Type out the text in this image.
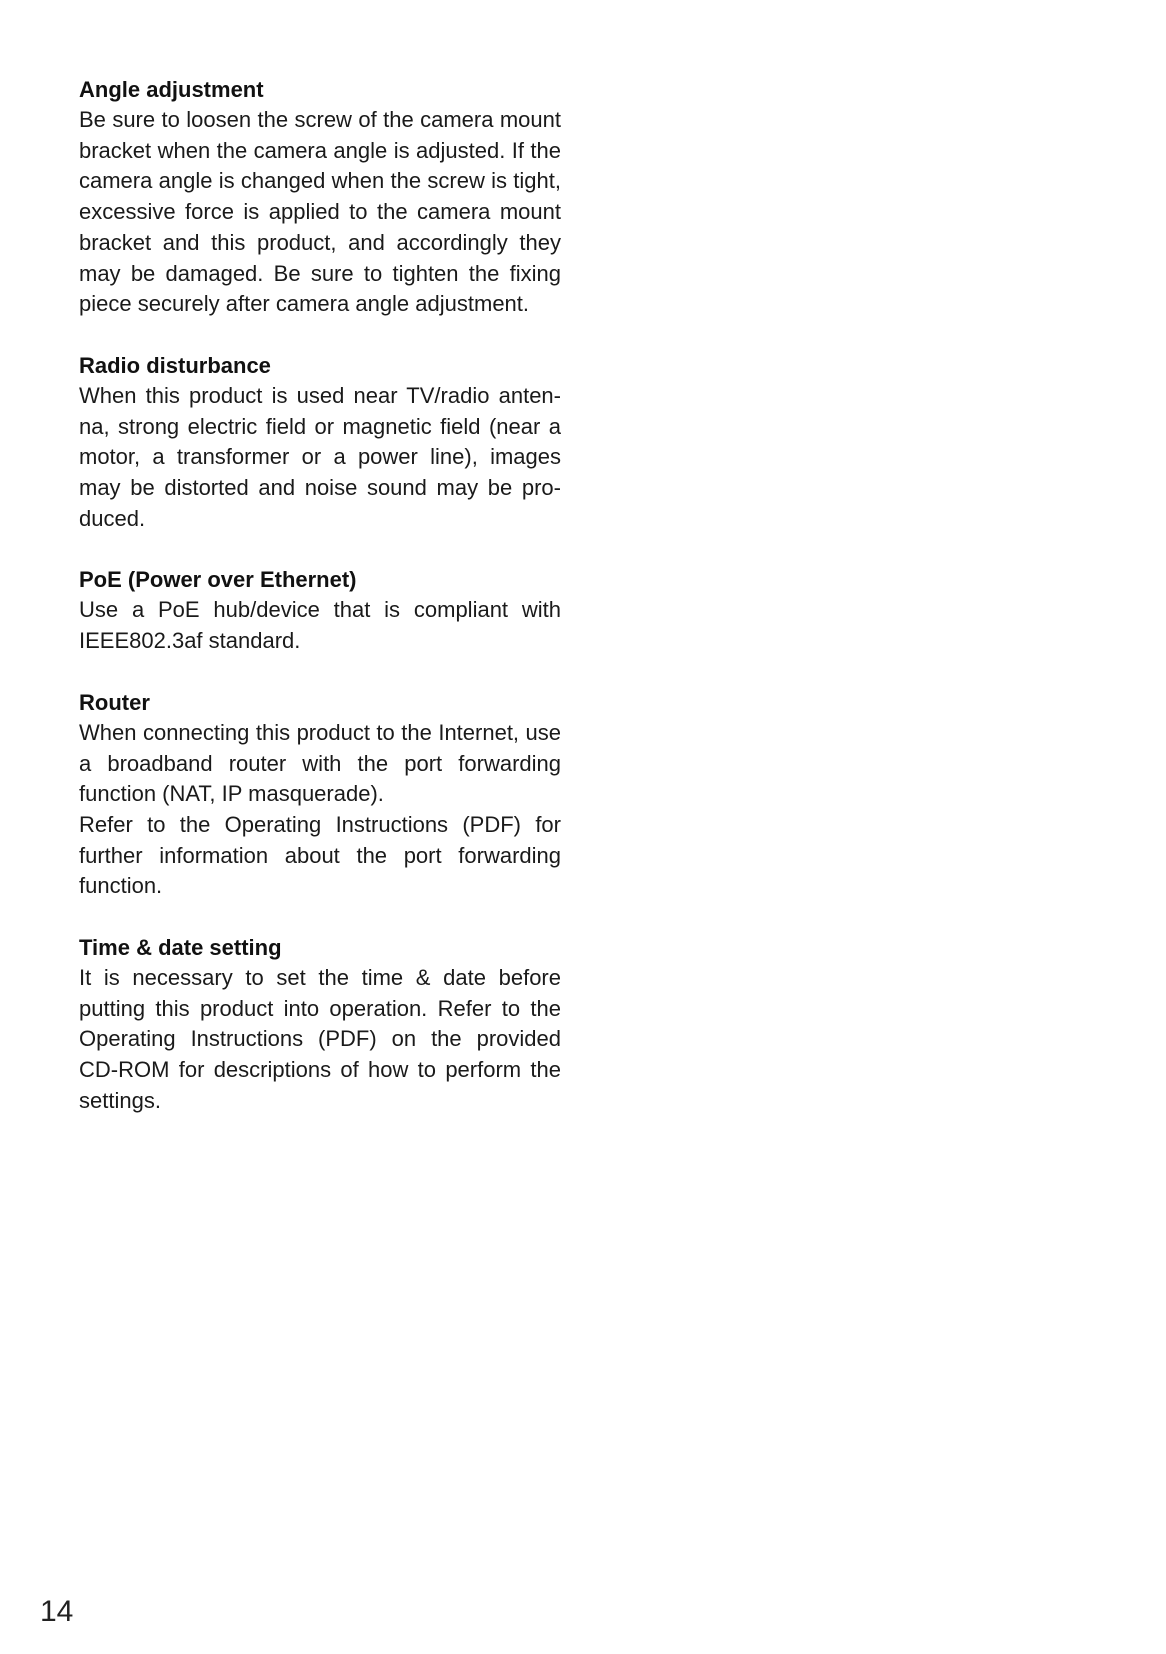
Angle adjustment

Be sure to loosen the screw of the camera mount bracket when the camera angle is adjusted. If the camera angle is changed when the screw is tight, excessive force is applied to the camera mount bracket and this product, and accordingly they may be damaged. Be sure to tighten the fixing piece securely after camera angle adjustment.

Radio disturbance

When this product is used near TV/radio antenna, strong electric field or magnetic field (near a motor, a transformer or a power line), images may be distorted and noise sound may be produced.

PoE (Power over Ethernet)

Use a PoE hub/device that is compliant with IEEE802.3af standard.

Router

When connecting this product to the Internet, use a broadband router with the port forwarding function (NAT, IP masquerade).

Refer to the Operating Instructions (PDF) for further information about the port forwarding function.

Time & date setting

It is necessary to set the time & date before putting this product into operation. Refer to the Operating Instructions (PDF) on the provided CD-ROM for descriptions of how to perform the settings.

14
